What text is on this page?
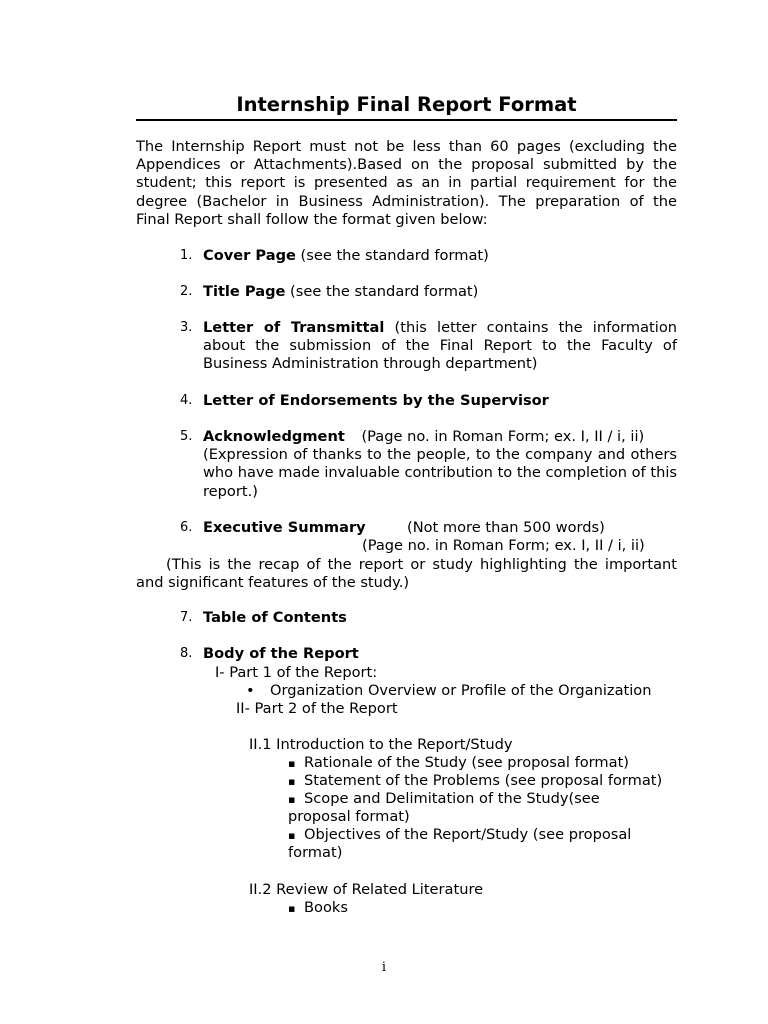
Internship Final Report Format

The Internship Report must not be less than 60 pages (excluding the Appendices or Attachments).Based on the proposal submitted by the student; this report is presented as an in partial requirement for the degree (Bachelor in Business Administration). The preparation of the Final Report shall follow the format given below:

1. Cover Page (see the standard format)
2. Title Page (see the standard format)
3. Letter of Transmittal (this letter contains the information about the submission of the Final Report to the Faculty of Business Administration through department)
4. Letter of Endorsements by the Supervisor
5. Acknowledgment (Page no. in Roman Form; ex. I, II / i, ii)
(Expression of thanks to the people, to the company and others who have made invaluable contribution to the completion of this report.)
6. Executive Summary	(Not more than 500 words)
(Page no. in Roman Form; ex. I, II / i, ii)
(This is the recap of the report or study highlighting the important and significant features of the study.)
7. Table of Contents
8. Body of the Report
I- Part 1 of the Report:
• Organization Overview or Profile of the Organization
II- Part 2 of the Report
II.1 Introduction to the Report/Study
▪ Rationale of the Study (see proposal format)
▪ Statement of the Problems (see proposal format)
▪ Scope and Delimitation of the Study(see
proposal format)
▪ Objectives of the Report/Study (see proposal
format)
II.2 Review of Related Literature
▪ Books
i
